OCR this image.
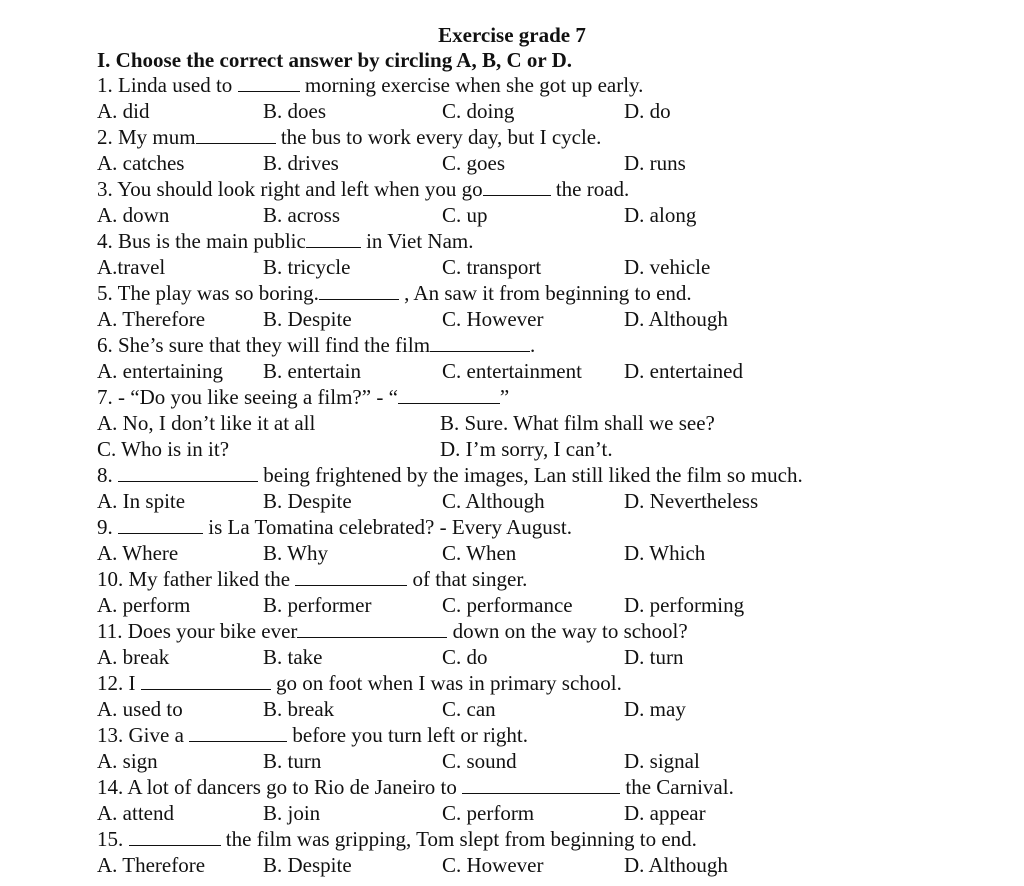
Exercise grade 7
I. Choose the correct answer by circling A, B, C or D.
1. Linda used to	morning exercise when she got up early.
A. did	B. does	C. doing	D. do
2. My mum	the bus to work every day, but I cycle.
A. catches	B. drives	C. goes	D. runs
3. You should look right and left when you go	the road.
A. down	B. across	C. up	D. along
4. Bus is the main public	in Viet Nam.
A.travel	B. tricycle	C. transport	D. vehicle
5. The play was so boring.	, An saw it from beginning to end.
A. Therefore	B. Despite	C. However	D. Although
6. She’s sure that they will find the film	.
A. entertaining B. entertain	C. entertainment D. entertained
7. - “Do you like seeing a film?” - “	”
A. No, I don’t like it at all	B. Sure. What film shall we see?
C. Who is in it?	D. I’m sorry, I can’t.
8.	being frightened by the images, Lan still liked the film so much.
A. In spite	B. Despite	C. Although	D. Nevertheless
9.	is La Tomatina celebrated? - Every August.
A. Where	B. Why	C. When	D. Which
10. My father liked the	of that singer.
A. perform	B. performer	C. performance D. performing
11. Does your bike ever	down on the way to school?
A. break	B. take	C. do	D. turn
12. I	go on foot when I was in primary school.
A. used to	B. break	C. can	D. may
13. Give a	before you turn left or right.
A. sign	B. turn	C. sound	D. signal
14. A lot of dancers go to Rio de Janeiro to	the Carnival.
A. attend	B. join	C. perform	D. appear
15.	the film was gripping, Tom slept from beginning to end.
A. Therefore	B. Despite	C. However	D. Although
